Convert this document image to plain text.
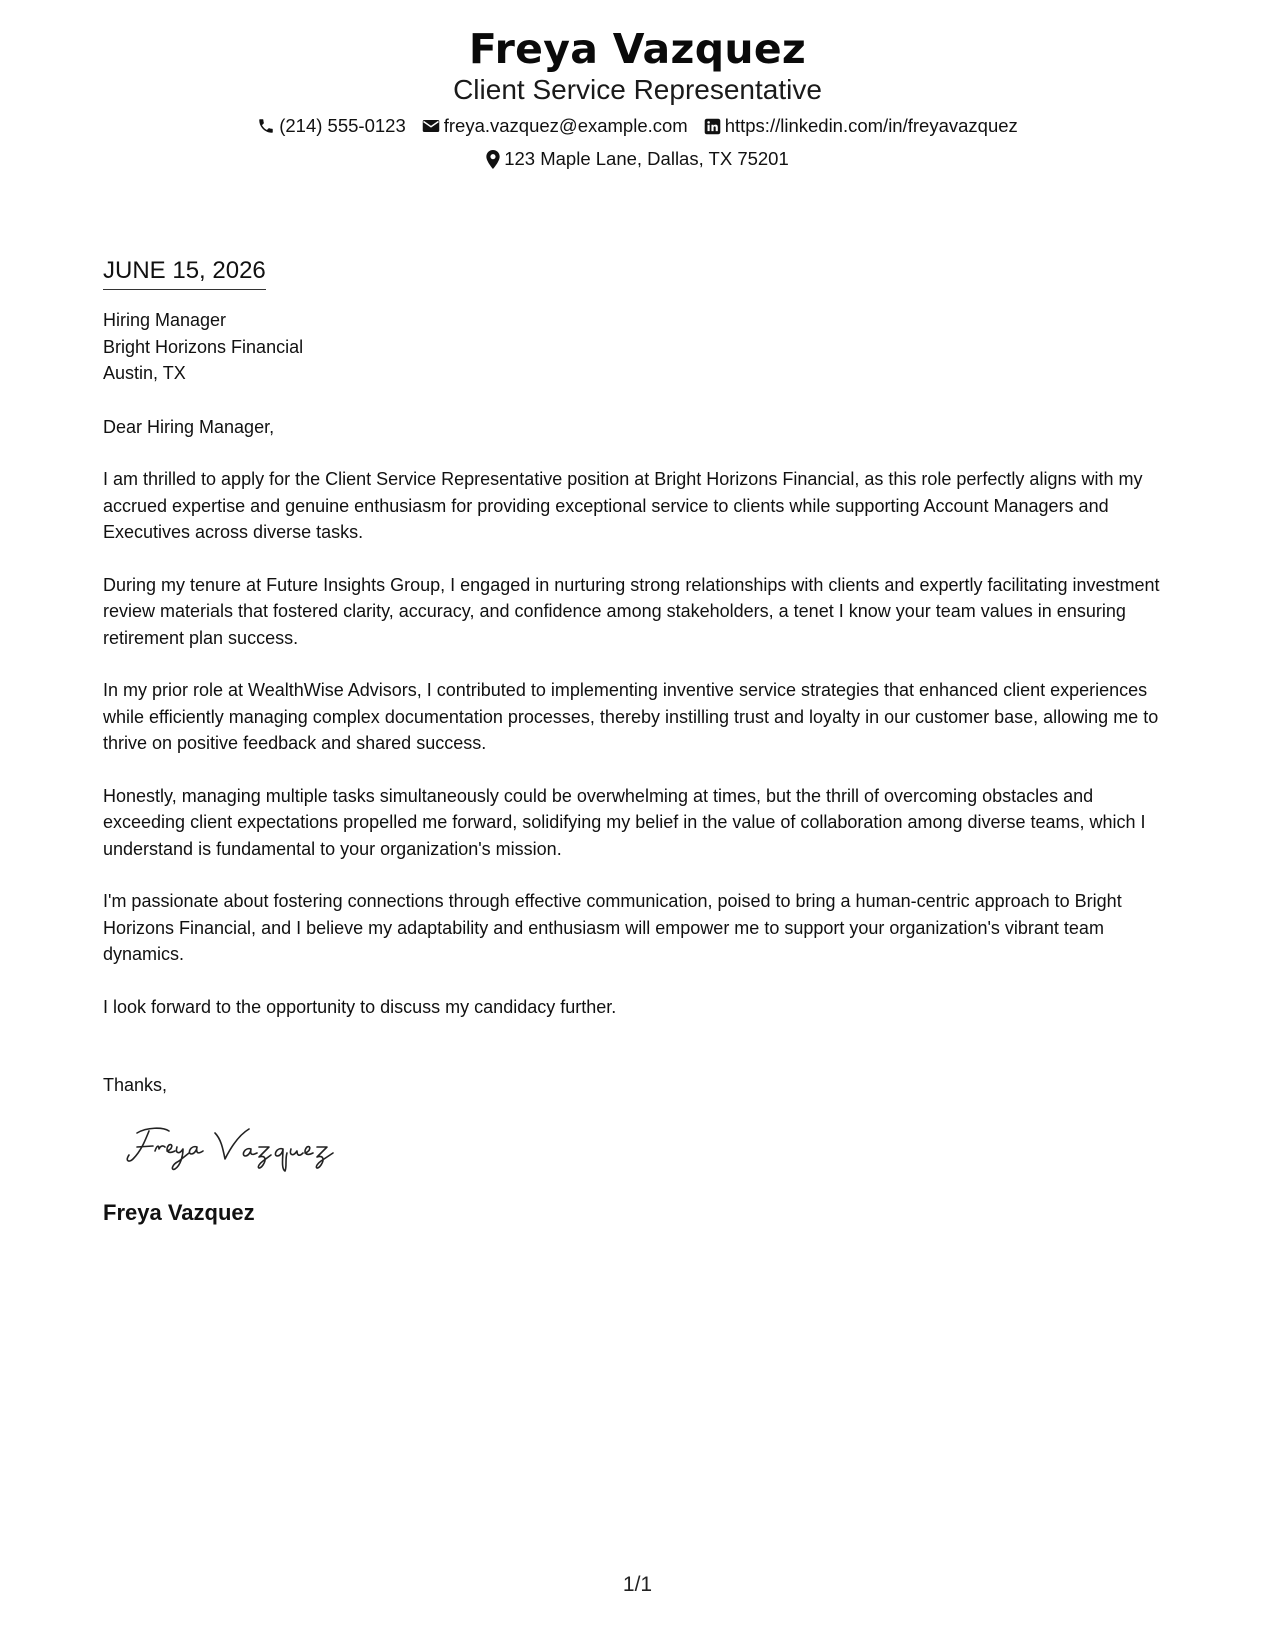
Freya Vazquez
Client Service Representative
(214) 555-0123 freya.vazquez@example.com https://linkedin.com/in/freyavazquez
123 Maple Lane, Dallas, TX 75201
JUNE 15, 2026
Hiring Manager
Bright Horizons Financial
Austin, TX
Dear Hiring Manager,
I am thrilled to apply for the Client Service Representative position at Bright Horizons Financial, as this role perfectly aligns with my accrued expertise and genuine enthusiasm for providing exceptional service to clients while supporting Account Managers and Executives across diverse tasks.
During my tenure at Future Insights Group, I engaged in nurturing strong relationships with clients and expertly facilitating investment review materials that fostered clarity, accuracy, and confidence among stakeholders, a tenet I know your team values in ensuring retirement plan success.
In my prior role at WealthWise Advisors, I contributed to implementing inventive service strategies that enhanced client experiences while efficiently managing complex documentation processes, thereby instilling trust and loyalty in our customer base, allowing me to thrive on positive feedback and shared success.
Honestly, managing multiple tasks simultaneously could be overwhelming at times, but the thrill of overcoming obstacles and exceeding client expectations propelled me forward, solidifying my belief in the value of collaboration among diverse teams, which I understand is fundamental to your organization's mission.
I'm passionate about fostering connections through effective communication, poised to bring a human-centric approach to Bright Horizons Financial, and I believe my adaptability and enthusiasm will empower me to support your organization's vibrant team dynamics.
I look forward to the opportunity to discuss my candidacy further.
Thanks,
Freya Vazquez
1/1
